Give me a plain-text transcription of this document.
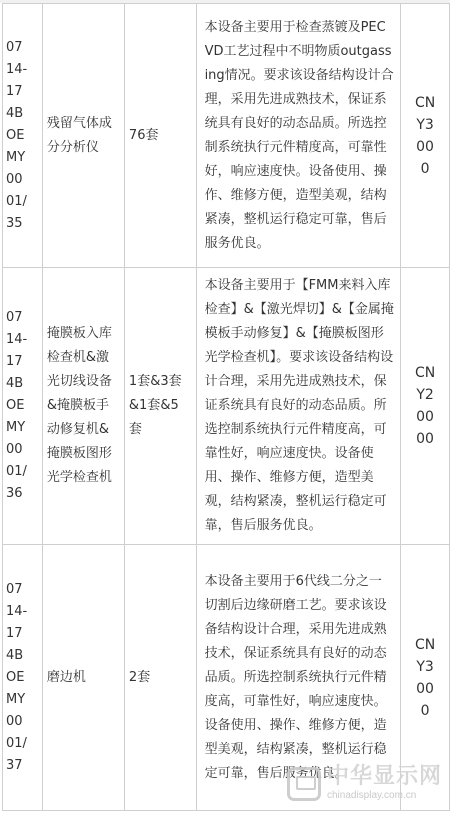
0714-174BOEMY0001/35	残留气体成分分析仪	76套	本设备主要用于检查蒸镀及PECVD工艺过程中不明物质outgassing情况。要求该设备结构设计合理，采用先进成熟技术，保证系统具有良好的动态品质。所选控制系统执行元件精度高，可靠性好，响应速度快。设备使用、操作、维修方便，造型美观，结构紧凑，整机运行稳定可靠，售后服务优良。	CNY3000

0714-174BOEMY0001/36	掩膜板入库检查机&激光切线设备&掩膜板手动修复机&掩膜板图形光学检查机	1套&3套&1套&5套	本设备主要用于【FMM来料入库检查】&【激光焊切】&【金属掩模板手动修复】&【掩膜板图形光学检查机】。要求该设备结构设计合理，采用先进成熟技术，保证系统具有良好的动态品质。所选控制系统执行元件精度高，可靠性好，响应速度快。设备使用、操作、维修方便，造型美观，结构紧凑，整机运行稳定可靠，售后服务优良。	CNY20000

0714-174BOEMY0001/37	磨边机	2套	本设备主要用于6代线二分之一切割后边缘研磨工艺。要求该设备结构设计合理，采用先进成熟技术，保证系统具有良好的动态品质。所选控制系统执行元件精度高，可靠性好，响应速度快。设备使用、操作、维修方便，造型美观，结构紧凑，整机运行稳定可靠，售后服务优良。	CNY3000
中华显示网
chinadisplay.com.cn
